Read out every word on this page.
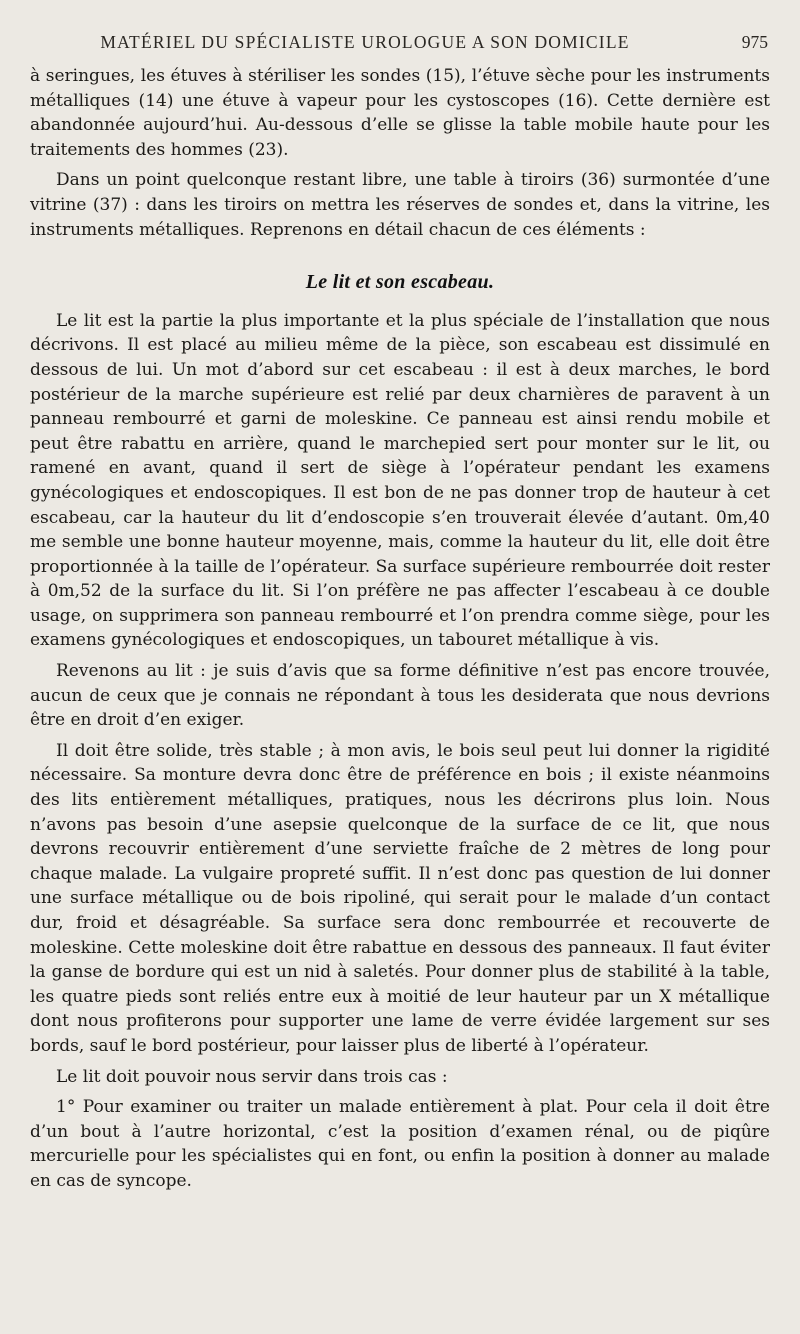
MATÉRIEL DU SPÉCIALISTE UROLOGUE A SON DOMICILE	975

à seringues, les étuves à stériliser les sondes (15), l’étuve sèche pour les instruments métalliques (14) une étuve à vapeur pour les cystoscopes (16). Cette dernière est abandonnée aujourd’hui. Au-dessous d’elle se glisse la table mobile haute pour les traitements des hommes (23).

Dans un point quelconque restant libre, une table à tiroirs (36) surmontée d’une vitrine (37) : dans les tiroirs on mettra les réserves de sondes et, dans la vitrine, les instruments métalliques. Reprenons en détail chacun de ces éléments :

Le lit et son escabeau.

Le lit est la partie la plus importante et la plus spéciale de l’installation que nous décrivons. Il est placé au milieu même de la pièce, son escabeau est dissimulé en dessous de lui. Un mot d’abord sur cet escabeau : il est à deux marches, le bord postérieur de la marche supérieure est relié par deux charnières de paravent à un panneau rembourré et garni de moleskine. Ce panneau est ainsi rendu mobile et peut être rabattu en arrière, quand le marchepied sert pour monter sur le lit, ou ramené en avant, quand il sert de siège à l’opérateur pendant les examens gynécologiques et endoscopiques. Il est bon de ne pas donner trop de hauteur à cet escabeau, car la hauteur du lit d’endoscopie s’en trouverait élevée d’autant. 0m,40 me semble une bonne hauteur moyenne, mais, comme la hauteur du lit, elle doit être proportionnée à la taille de l’opérateur. Sa surface supérieure rembourrée doit rester à 0m,52 de la surface du lit. Si l’on préfère ne pas affecter l’escabeau à ce double usage, on supprimera son panneau rembourré et l’on prendra comme siège, pour les examens gynécologiques et endoscopiques, un tabouret métallique à vis.

Revenons au lit : je suis d’avis que sa forme définitive n’est pas encore trouvée, aucun de ceux que je connais ne répondant à tous les desiderata que nous devrions être en droit d’en exiger.

Il doit être solide, très stable ; à mon avis, le bois seul peut lui donner la rigidité nécessaire. Sa monture devra donc être de préférence en bois ; il existe néanmoins des lits entièrement métalliques, pratiques, nous les décrirons plus loin. Nous n’avons pas besoin d’une asepsie quelconque de la surface de ce lit, que nous devrons recouvrir entièrement d’une serviette fraîche de 2 mètres de long pour chaque malade. La vulgaire propreté suffit. Il n’est donc pas question de lui donner une surface métallique ou de bois ripoliné, qui serait pour le malade d’un contact dur, froid et désagréable. Sa surface sera donc rembourrée et recouverte de moleskine. Cette moleskine doit être rabattue en dessous des panneaux. Il faut éviter la ganse de bordure qui est un nid à saletés. Pour donner plus de stabilité à la table, les quatre pieds sont reliés entre eux à moitié de leur hauteur par un X métallique dont nous profiterons pour supporter une lame de verre évidée largement sur ses bords, sauf le bord postérieur, pour laisser plus de liberté à l’opérateur.

Le lit doit pouvoir nous servir dans trois cas :

1° Pour examiner ou traiter un malade entièrement à plat. Pour cela il doit être d’un bout à l’autre horizontal, c’est la position d’examen rénal, ou de piqûre mercurielle pour les spécialistes qui en font, ou enfin la position à donner au malade en cas de syncope.
